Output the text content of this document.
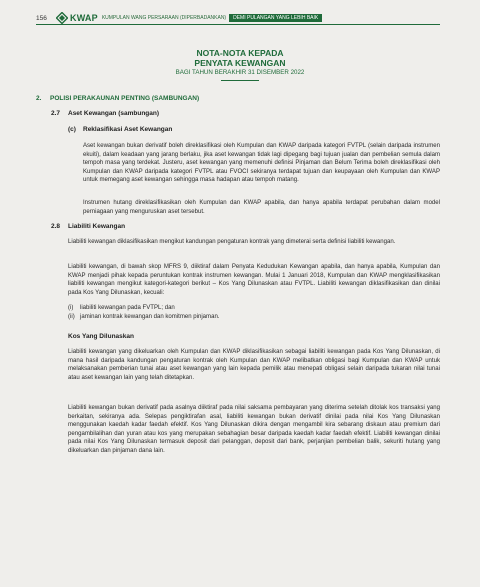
156	KWAP KUMPULAN WANG PERSARAAN (DIPERBADANKAN)	DEMI PULANGAN YANG LEBIH BAIK
NOTA-NOTA KEPADA
PENYATA KEWANGAN
BAGI TAHUN BERAKHIR 31 DISEMBER 2022
2. POLISI PERAKAUNAN PENTING (SAMBUNGAN)
2.7 Aset Kewangan (sambungan)
(c) Reklasifikasi Aset Kewangan
Aset kewangan bukan derivatif boleh direklasifikasi oleh Kumpulan dan KWAP daripada kategori FVTPL (selain daripada instrumen ekuiti), dalam keadaan yang jarang berlaku, jika aset kewangan tidak lagi dipegang bagi tujuan jualan dan pembelian semula dalam tempoh masa yang terdekat. Justeru, aset kewangan yang memenuhi definisi Pinjaman dan Belum Terima boleh direklasifikasi oleh Kumpulan dan KWAP daripada kategori FVTPL atau FVOCI sekiranya terdapat tujuan dan keupayaan oleh Kumpulan dan KWAP untuk memegang aset kewangan sehingga masa hadapan atau tempoh matang.
Instrumen hutang direklasifikasikan oleh Kumpulan dan KWAP apabila, dan hanya apabila terdapat perubahan dalam model perniagaan yang menguruskan aset tersebut.
2.8 Liabiliti Kewangan
Liabiliti kewangan diklasifikasikan mengikut kandungan pengaturan kontrak yang dimeterai serta definisi liabiliti kewangan.
Liabiliti kewangan, di bawah skop MFRS 9, diiktiraf dalam Penyata Kedudukan Kewangan apabila, dan hanya apabila, Kumpulan dan KWAP menjadi pihak kepada peruntukan kontrak instrumen kewangan. Mulai 1 Januari 2018, Kumpulan dan KWAP mengklasifikasikan liabiliti kewangan mengikut kategori-kategori berikut – Kos Yang Dilunaskan atau FVTPL. Liabiliti kewangan diklasifikasikan dan dinilai pada Kos Yang Dilunaskan, kecuali:
(i)	liabiliti kewangan pada FVTPL; dan
(ii) jaminan kontrak kewangan dan komitmen pinjaman.
Kos Yang Dilunaskan
Liabiliti kewangan yang dikeluarkan oleh Kumpulan dan KWAP diklasifikasikan sebagai liabiliti kewangan pada Kos Yang Dilunaskan, di mana hasil daripada kandungan pengaturan kontrak oleh Kumpulan dan KWAP melibatkan obligasi bagi Kumpulan dan KWAP untuk melaksanakan pemberian tunai atau aset kewangan yang lain kepada pemilik atau menepati obligasi selain daripada tukaran nilai tunai atau aset kewangan lain yang telah ditetapkan.
Liabiliti kewangan bukan derivatif pada asalnya diiktiraf pada nilai saksama pembayaran yang diterima setelah ditolak kos transaksi yang berkaitan, sekiranya ada. Selepas pengiktirafan asal, liabiliti kewangan bukan derivatif dinilai pada nilai Kos Yang Dilunaskan menggunakan kaedah kadar faedah efektif. Kos Yang Dilunaskan dikira dengan mengambil kira sebarang diskaun atau premium dari pengambilalihan dan yuran atau kos yang merupakan sebahagian besar daripada kaedah kadar faedah efektif. Liabiliti kewangan dinilai pada nilai Kos Yang Dilunaskan termasuk deposit dari pelanggan, deposit dari bank, perjanjian pembelian balik, sekuriti hutang yang dikeluarkan dan pinjaman dana lain.
